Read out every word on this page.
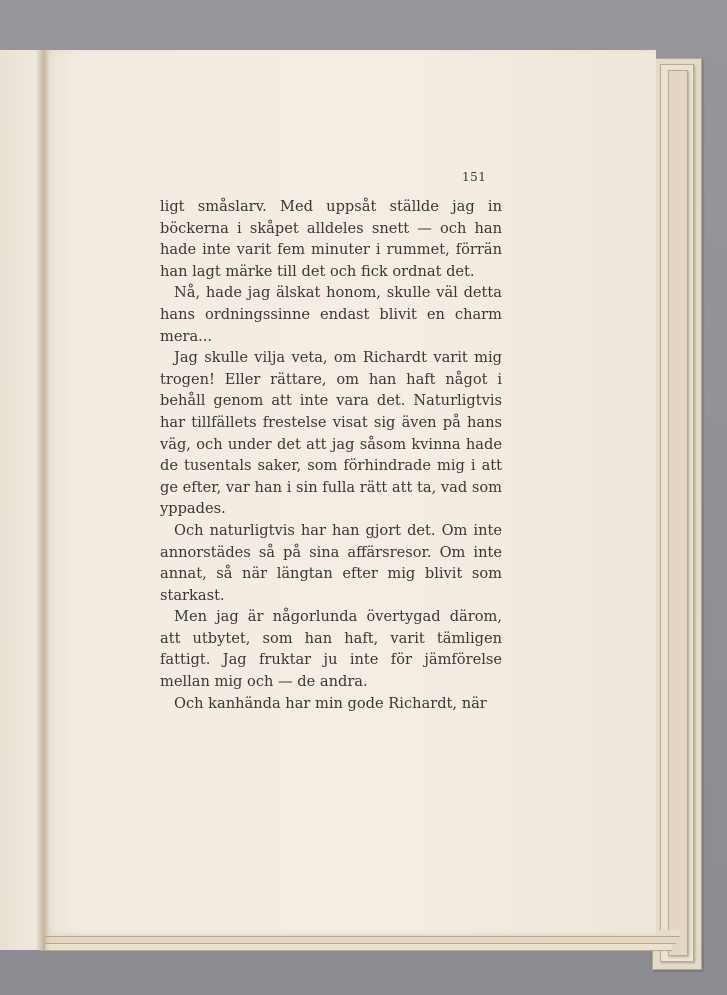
151

ligt småslarv. Med uppsåt ställde jag in böckerna i skåpet alldeles snett — och han hade inte varit fem minuter i rummet, förrän han lagt märke till det och fick ordnat det.

Nå, hade jag älskat honom, skulle väl detta hans ordningssinne endast blivit en charm mera...

Jag skulle vilja veta, om Richardt varit mig trogen! Eller rättare, om han haft något i behåll genom att inte vara det. Naturligtvis har tillfällets frestelse visat sig även på hans väg, och under det att jag såsom kvinna hade de tusentals saker, som förhindrade mig i att ge efter, var han i sin fulla rätt att ta, vad som yppades.

Och naturligtvis har han gjort det. Om inte annorstädes så på sina affärsresor. Om inte annat, så när längtan efter mig blivit som starkast.

Men jag är någorlunda övertygad därom, att utbytet, som han haft, varit tämligen fattigt. Jag fruktar ju inte för jämförelse mellan mig och — de andra.

Och kanhända har min gode Richardt, när
